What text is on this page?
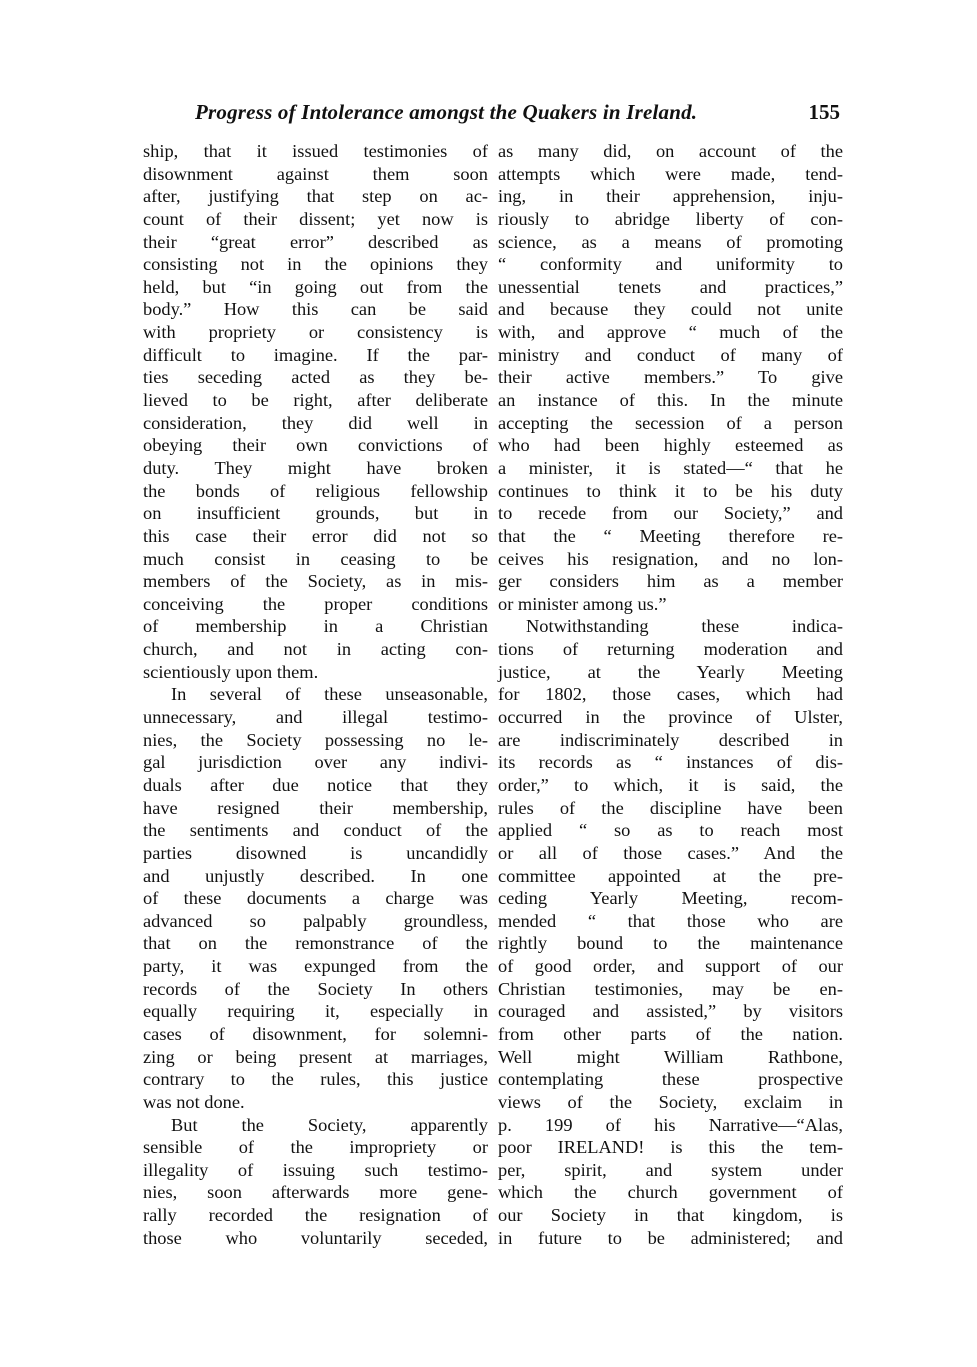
Progress of Intolerance amongst the Quakers in Ireland.	155
ship, that it issued testimonies of
disownment against them soon
after, justifying that step on ac-
count of their dissent; yet now is
their “great error” described as
consisting not in the opinions they
held, but “in going out from the
body.” How this can be said
with propriety or consistency is
difficult to imagine. If the par-
ties seceding acted as they be-
lieved to be right, after deliberate
consideration, they did well in
obeying their own convictions of
duty. They might have broken
the bonds of religious fellowship
on insufficient grounds, but in
this case their error did not so
much consist in ceasing to be
members of the Society, as in mis-
conceiving the proper conditions
of membership in a Christian
church, and not in acting con-
scientiously upon them.
In several of these unseasonable,
unnecessary, and illegal testimo-
nies, the Society possessing no le-
gal jurisdiction over any indivi-
duals after due notice that they
have resigned their membership,
the sentiments and conduct of the
parties disowned is uncandidly
and unjustly described. In one
of these documents a charge was
advanced so palpably groundless,
that on the remonstrance of the
party, it was expunged from the
records of the Society In others
equally requiring it, especially in
cases of disownment, for solemni-
zing or being present at marriages,
contrary to the rules, this justice
was not done.
But the Society, apparently
sensible of the impropriety or
illegality of issuing such testimo-
nies, soon afterwards more gene-
rally recorded the resignation of
those who voluntarily seceded,
as many did, on account of the
attempts which were made, tend-
ing, in their apprehension, inju-
riously to abridge liberty of con-
science, as a means of promoting
“ conformity and uniformity to
unessential tenets and practices,”
and because they could not unite
with, and approve “ much of the
ministry and conduct of many of
their active members.” To give
an instance of this. In the minute
accepting the secession of a person
who had been highly esteemed as
a minister, it is stated—“ that he
continues to think it to be his duty
to recede from our Society,” and
that the “ Meeting therefore re-
ceives his resignation, and no lon-
ger considers him as a member
or minister among us.”
Notwithstanding these indica-
tions of returning moderation and
justice, at the Yearly Meeting
for 1802, those cases, which had
occurred in the province of Ulster,
are indiscriminately described in
its records as “ instances of dis-
order,” to which, it is said, the
rules of the discipline have been
applied “ so as to reach most
or all of those cases.” And the
committee appointed at the pre-
ceding Yearly Meeting, recom-
mended “ that those who are
rightly bound to the maintenance
of good order, and support of our
Christian testimonies, may be en-
couraged and assisted,” by visitors
from other parts of the nation.
Well might William Rathbone,
contemplating these prospective
views of the Society, exclaim in
p. 199 of his Narrative—“Alas,
poor IRELAND! is this the tem-
per, spirit, and system under
which the church government of
our Society in that kingdom, is
in future to be administered; and
